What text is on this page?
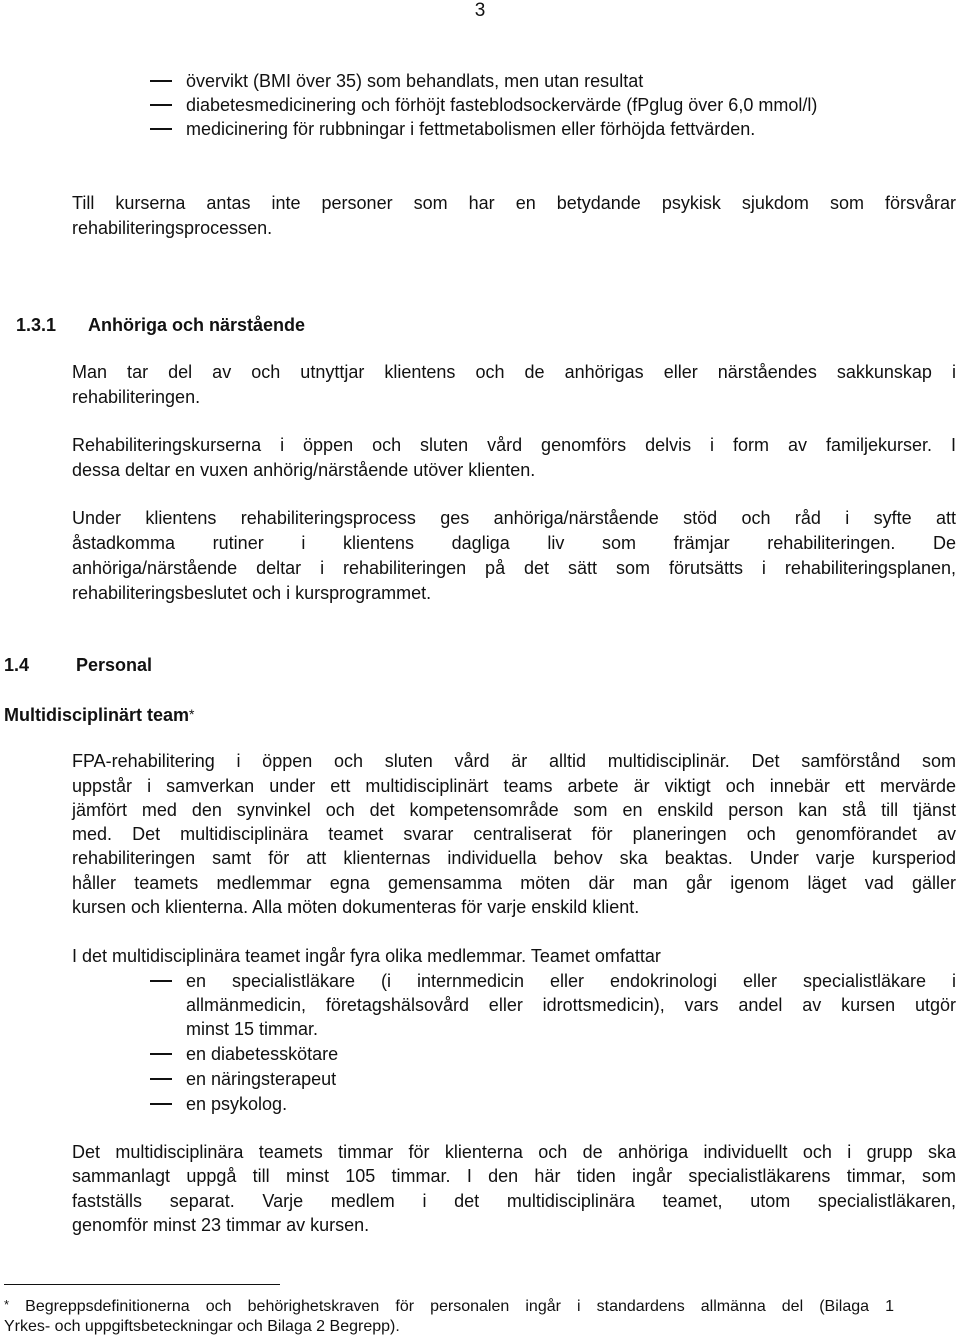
3
övervikt (BMI över 35) som behandlats, men utan resultat
diabetesmedicinering och förhöjt fasteblodsockervärde (fPglug över 6,0 mmol/l)
medicinering för rubbningar i fettmetabolismen eller förhöjda fettvärden.
Till kurserna antas inte personer som har en betydande psykisk sjukdom som försvårar
rehabiliteringsprocessen.
1.3.1 Anhöriga och närstående
Man tar del av och utnyttjar klientens och de anhörigas eller närståendes sakkunskap i
rehabiliteringen.
Rehabiliteringskurserna i öppen och sluten vård genomförs delvis i form av familjekurser. I
dessa deltar en vuxen anhörig/närstående utöver klienten.
Under klientens rehabiliteringsprocess ges anhöriga/närstående stöd och råd i syfte att
åstadkomma rutiner i klientens dagliga liv som främjar rehabiliteringen. De
anhöriga/närstående deltar i rehabiliteringen på det sätt som förutsätts i rehabiliteringsplanen,
rehabiliteringsbeslutet och i kursprogrammet.
1.4	Personal
Multidisciplinärt team*
FPA-rehabilitering i öppen och sluten vård är alltid multidisciplinär. Det samförstånd som
uppstår i samverkan under ett multidisciplinärt teams arbete är viktigt och innebär ett mervärde
jämfört med den synvinkel och det kompetensområde som en enskild person kan stå till tjänst
med. Det multidisciplinära teamet svarar centraliserat för planeringen och genomförandet av
rehabiliteringen samt för att klienternas individuella behov ska beaktas. Under varje kursperiod
håller teamets medlemmar egna gemensamma möten där man går igenom läget vad gäller
kursen och klienterna. Alla möten dokumenteras för varje enskild klient.
I det multidisciplinära teamet ingår fyra olika medlemmar. Teamet omfattar
en specialistläkare (i internmedicin eller endokrinologi eller specialistläkare i
allmänmedicin, företagshälsovård eller idrottsmedicin), vars andel av kursen utgör
minst 15 timmar.
en diabetesskötare
en näringsterapeut
en psykolog.
Det multidisciplinära teamets timmar för klienterna och de anhöriga individuellt och i grupp ska
sammanlagt uppgå till minst 105 timmar. I den här tiden ingår specialistläkarens timmar, som
fastställs separat. Varje medlem i det multidisciplinära teamet, utom specialistläkaren,
genomför minst 23 timmar av kursen.
* Begreppsdefinitionerna och behörighetskraven för personalen ingår i standardens allmänna del (Bilaga 1
Yrkes- och uppgiftsbeteckningar och Bilaga 2 Begrepp).
